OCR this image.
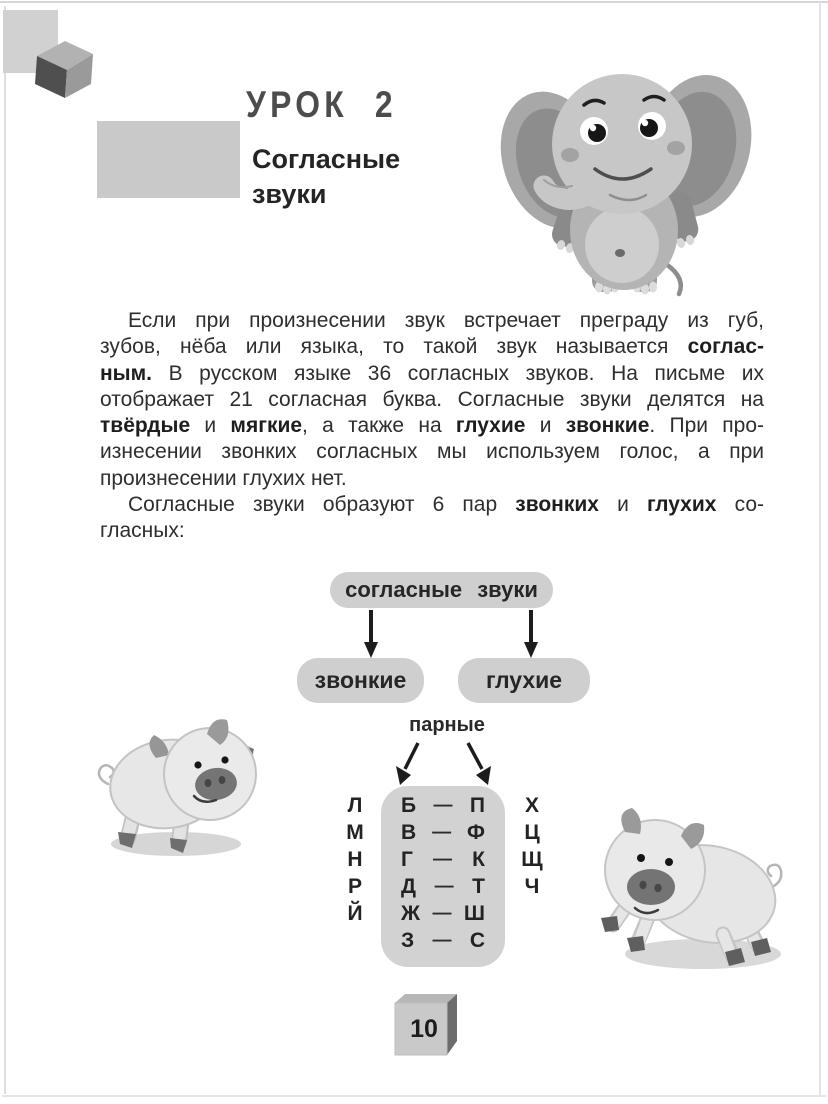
УРОК 2
Согласные звуки
Если при произнесении звук встречает преграду из губ,
зубов, нёба или языка, то такой звук называется соглас-
ным. В русском языке 36 согласных звуков. На письме их
отображает 21 согласная буква. Согласные звуки делятся на
твёрдые и мягкие, а также на глухие и звонкие. При про-
изнесении звонких согласных мы используем голос, а при
произнесении глухих нет.
Согласные звуки образуют 6 пар звонких и глухих со-
гласных:
согласные звуки
звонкие	глухие
парные
Л
М
Н
Р
Й
Б — П
В — Ф
Г — К
Д — Т
Ж — Ш
З — С
Х
Ц
Щ
Ч
10
